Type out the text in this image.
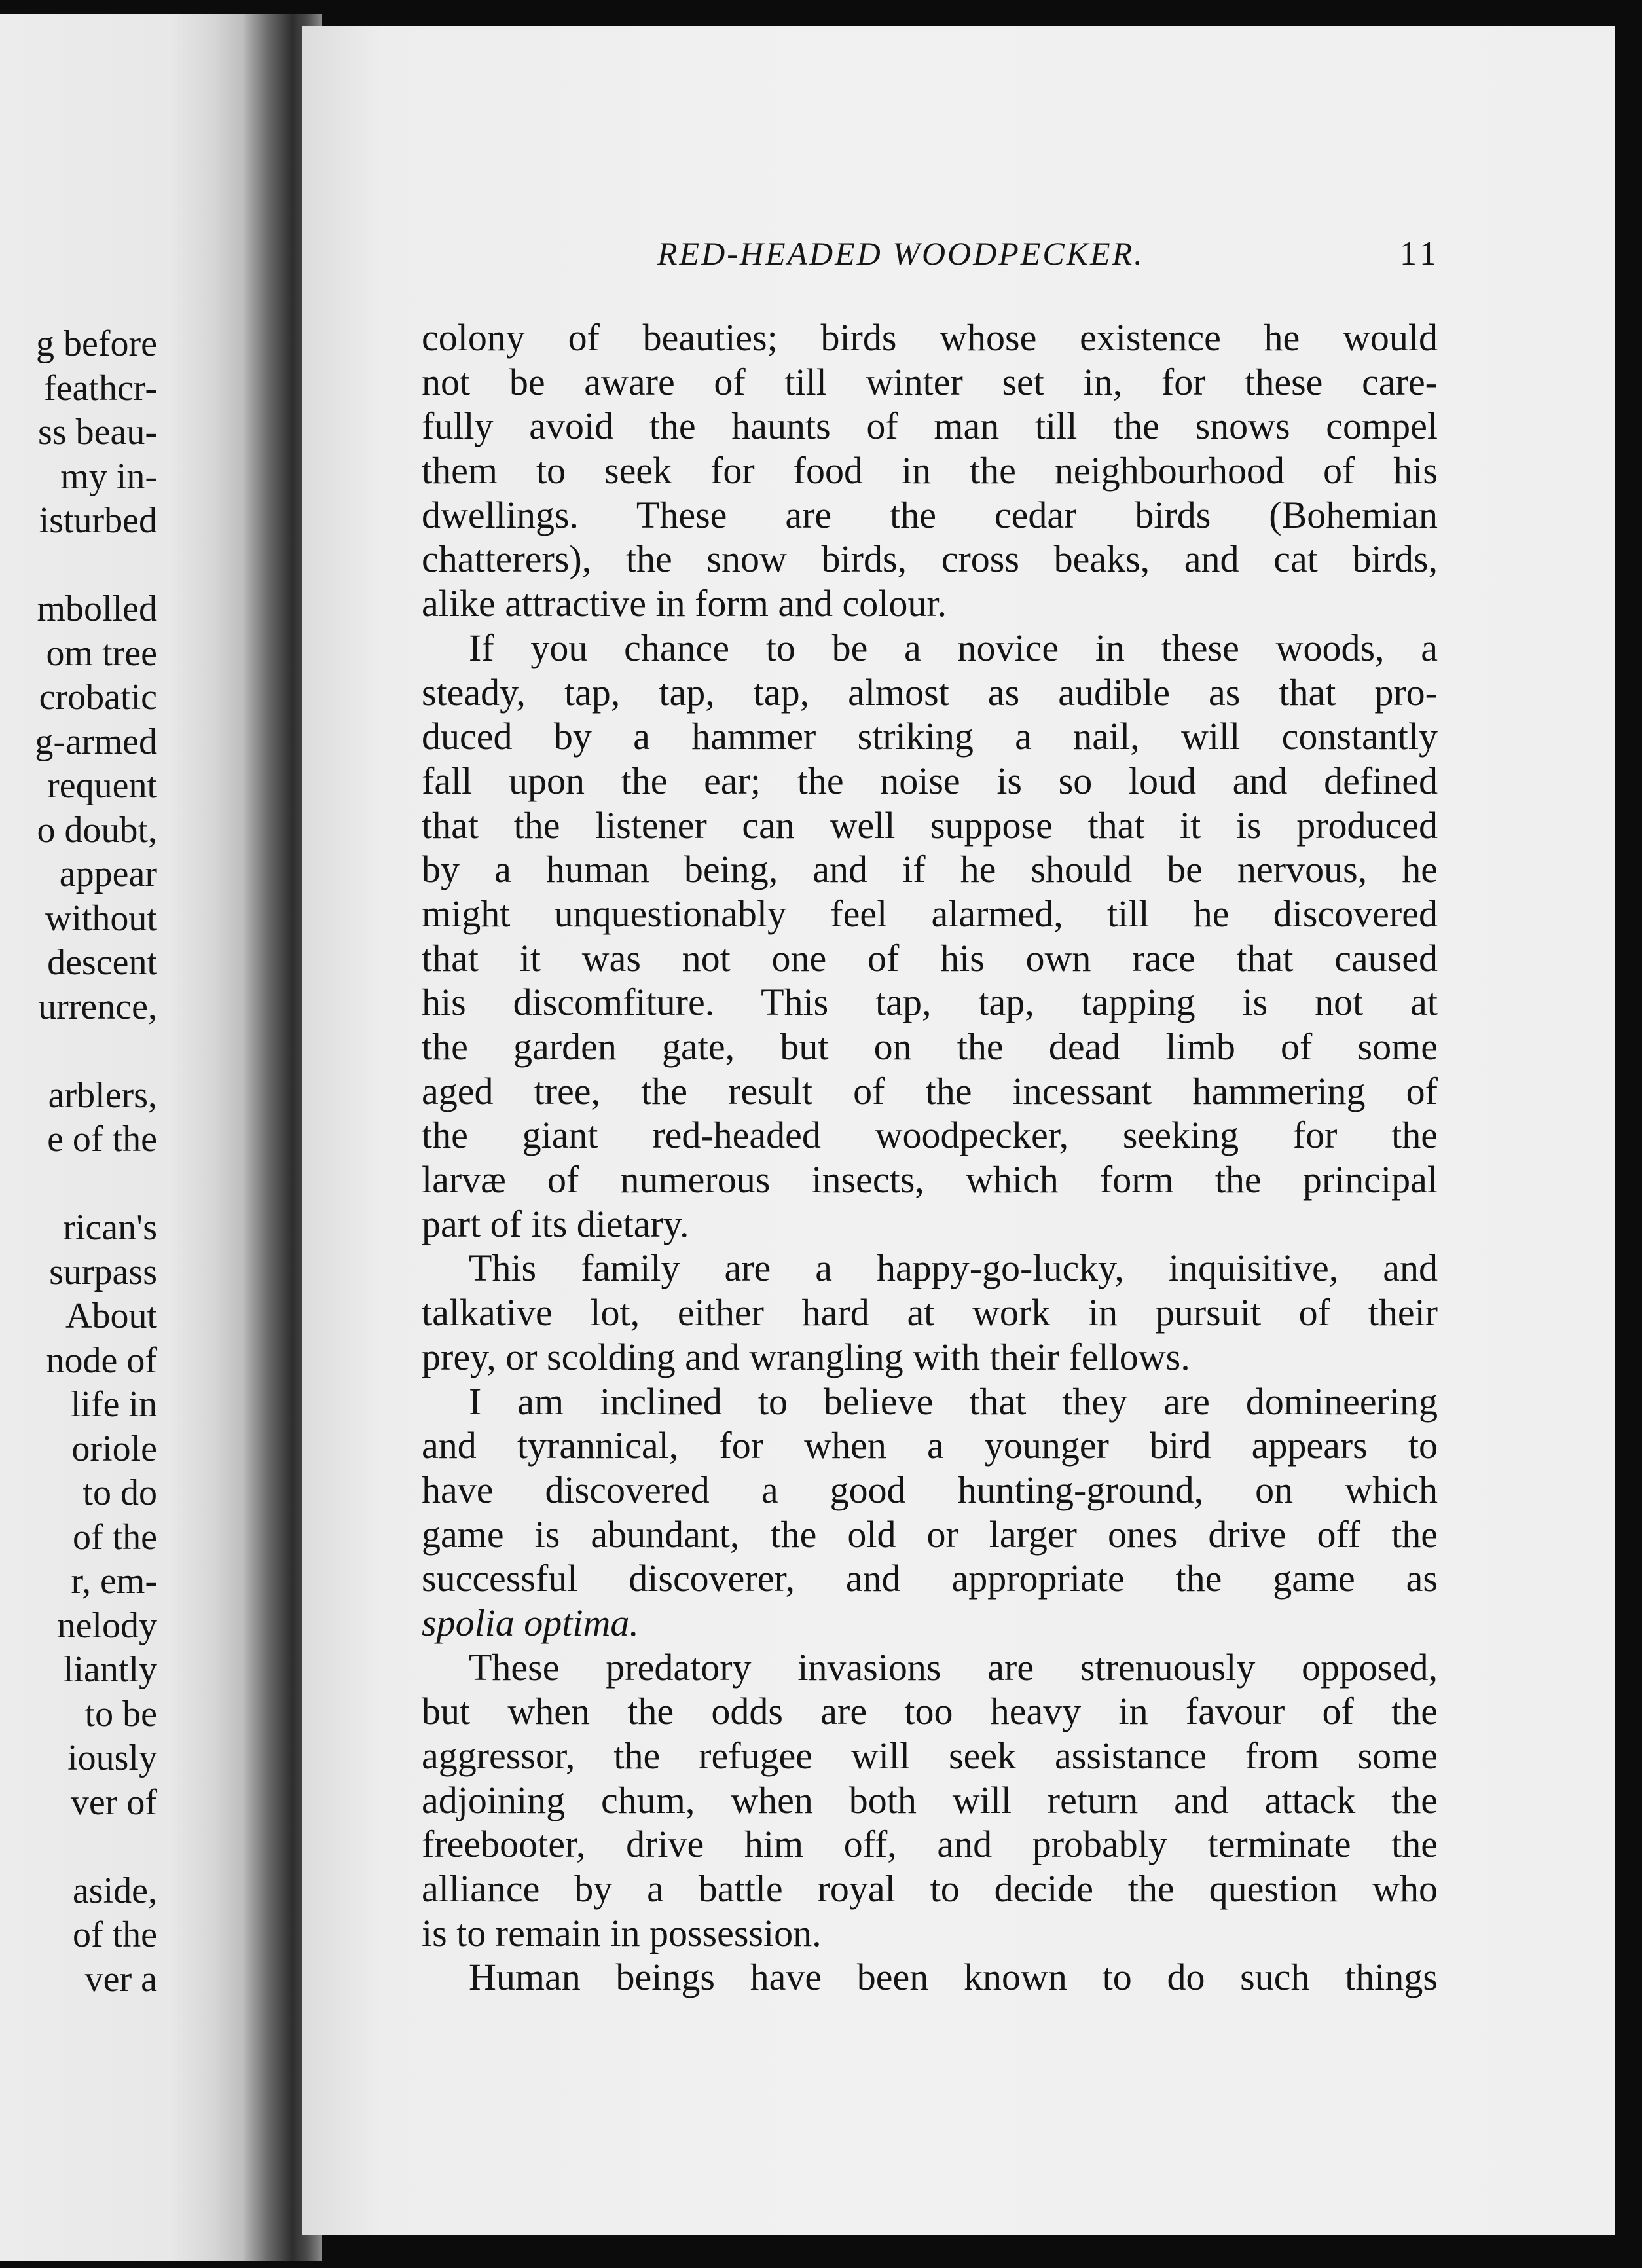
g before
feathcr-
ss beau-
my in-
isturbed
mbolled
om tree
crobatic
g-armed
requent
o doubt,
appear
without
descent
urrence,
arblers,
e of the
rican's
surpass
About
node of
life in
oriole
to do
of the
r, em-
nelody
liantly
to be
iously
ver of
aside,
of the
ver a
RED-HEADED WOODPECKER.	11
colony of beauties; birds whose existence he would
not be aware of till winter set in, for these care-
fully avoid the haunts of man till the snows compel
them to seek for food in the neighbourhood of his
dwellings. These are the cedar birds (Bohemian
chatterers), the snow birds, cross beaks, and cat birds,
alike attractive in form and colour.
If you chance to be a novice in these woods, a
steady, tap, tap, tap, almost as audible as that pro-
duced by a hammer striking a nail, will constantly
fall upon the ear; the noise is so loud and defined
that the listener can well suppose that it is produced
by a human being, and if he should be nervous, he
might unquestionably feel alarmed, till he discovered
that it was not one of his own race that caused
his discomfiture. This tap, tap, tapping is not at
the garden gate, but on the dead limb of some
aged tree, the result of the incessant hammering of
the giant red-headed woodpecker, seeking for the
larvæ of numerous insects, which form the principal
part of its dietary.
This family are a happy-go-lucky, inquisitive, and
talkative lot, either hard at work in pursuit of their
prey, or scolding and wrangling with their fellows.
I am inclined to believe that they are domineering
and tyrannical, for when a younger bird appears to
have discovered a good hunting-ground, on which
game is abundant, the old or larger ones drive off the
successful discoverer, and appropriate the game as
spolia optima.
These predatory invasions are strenuously opposed,
but when the odds are too heavy in favour of the
aggressor, the refugee will seek assistance from some
adjoining chum, when both will return and attack the
freebooter, drive him off, and probably terminate the
alliance by a battle royal to decide the question who
is to remain in possession.
Human beings have been known to do such things
